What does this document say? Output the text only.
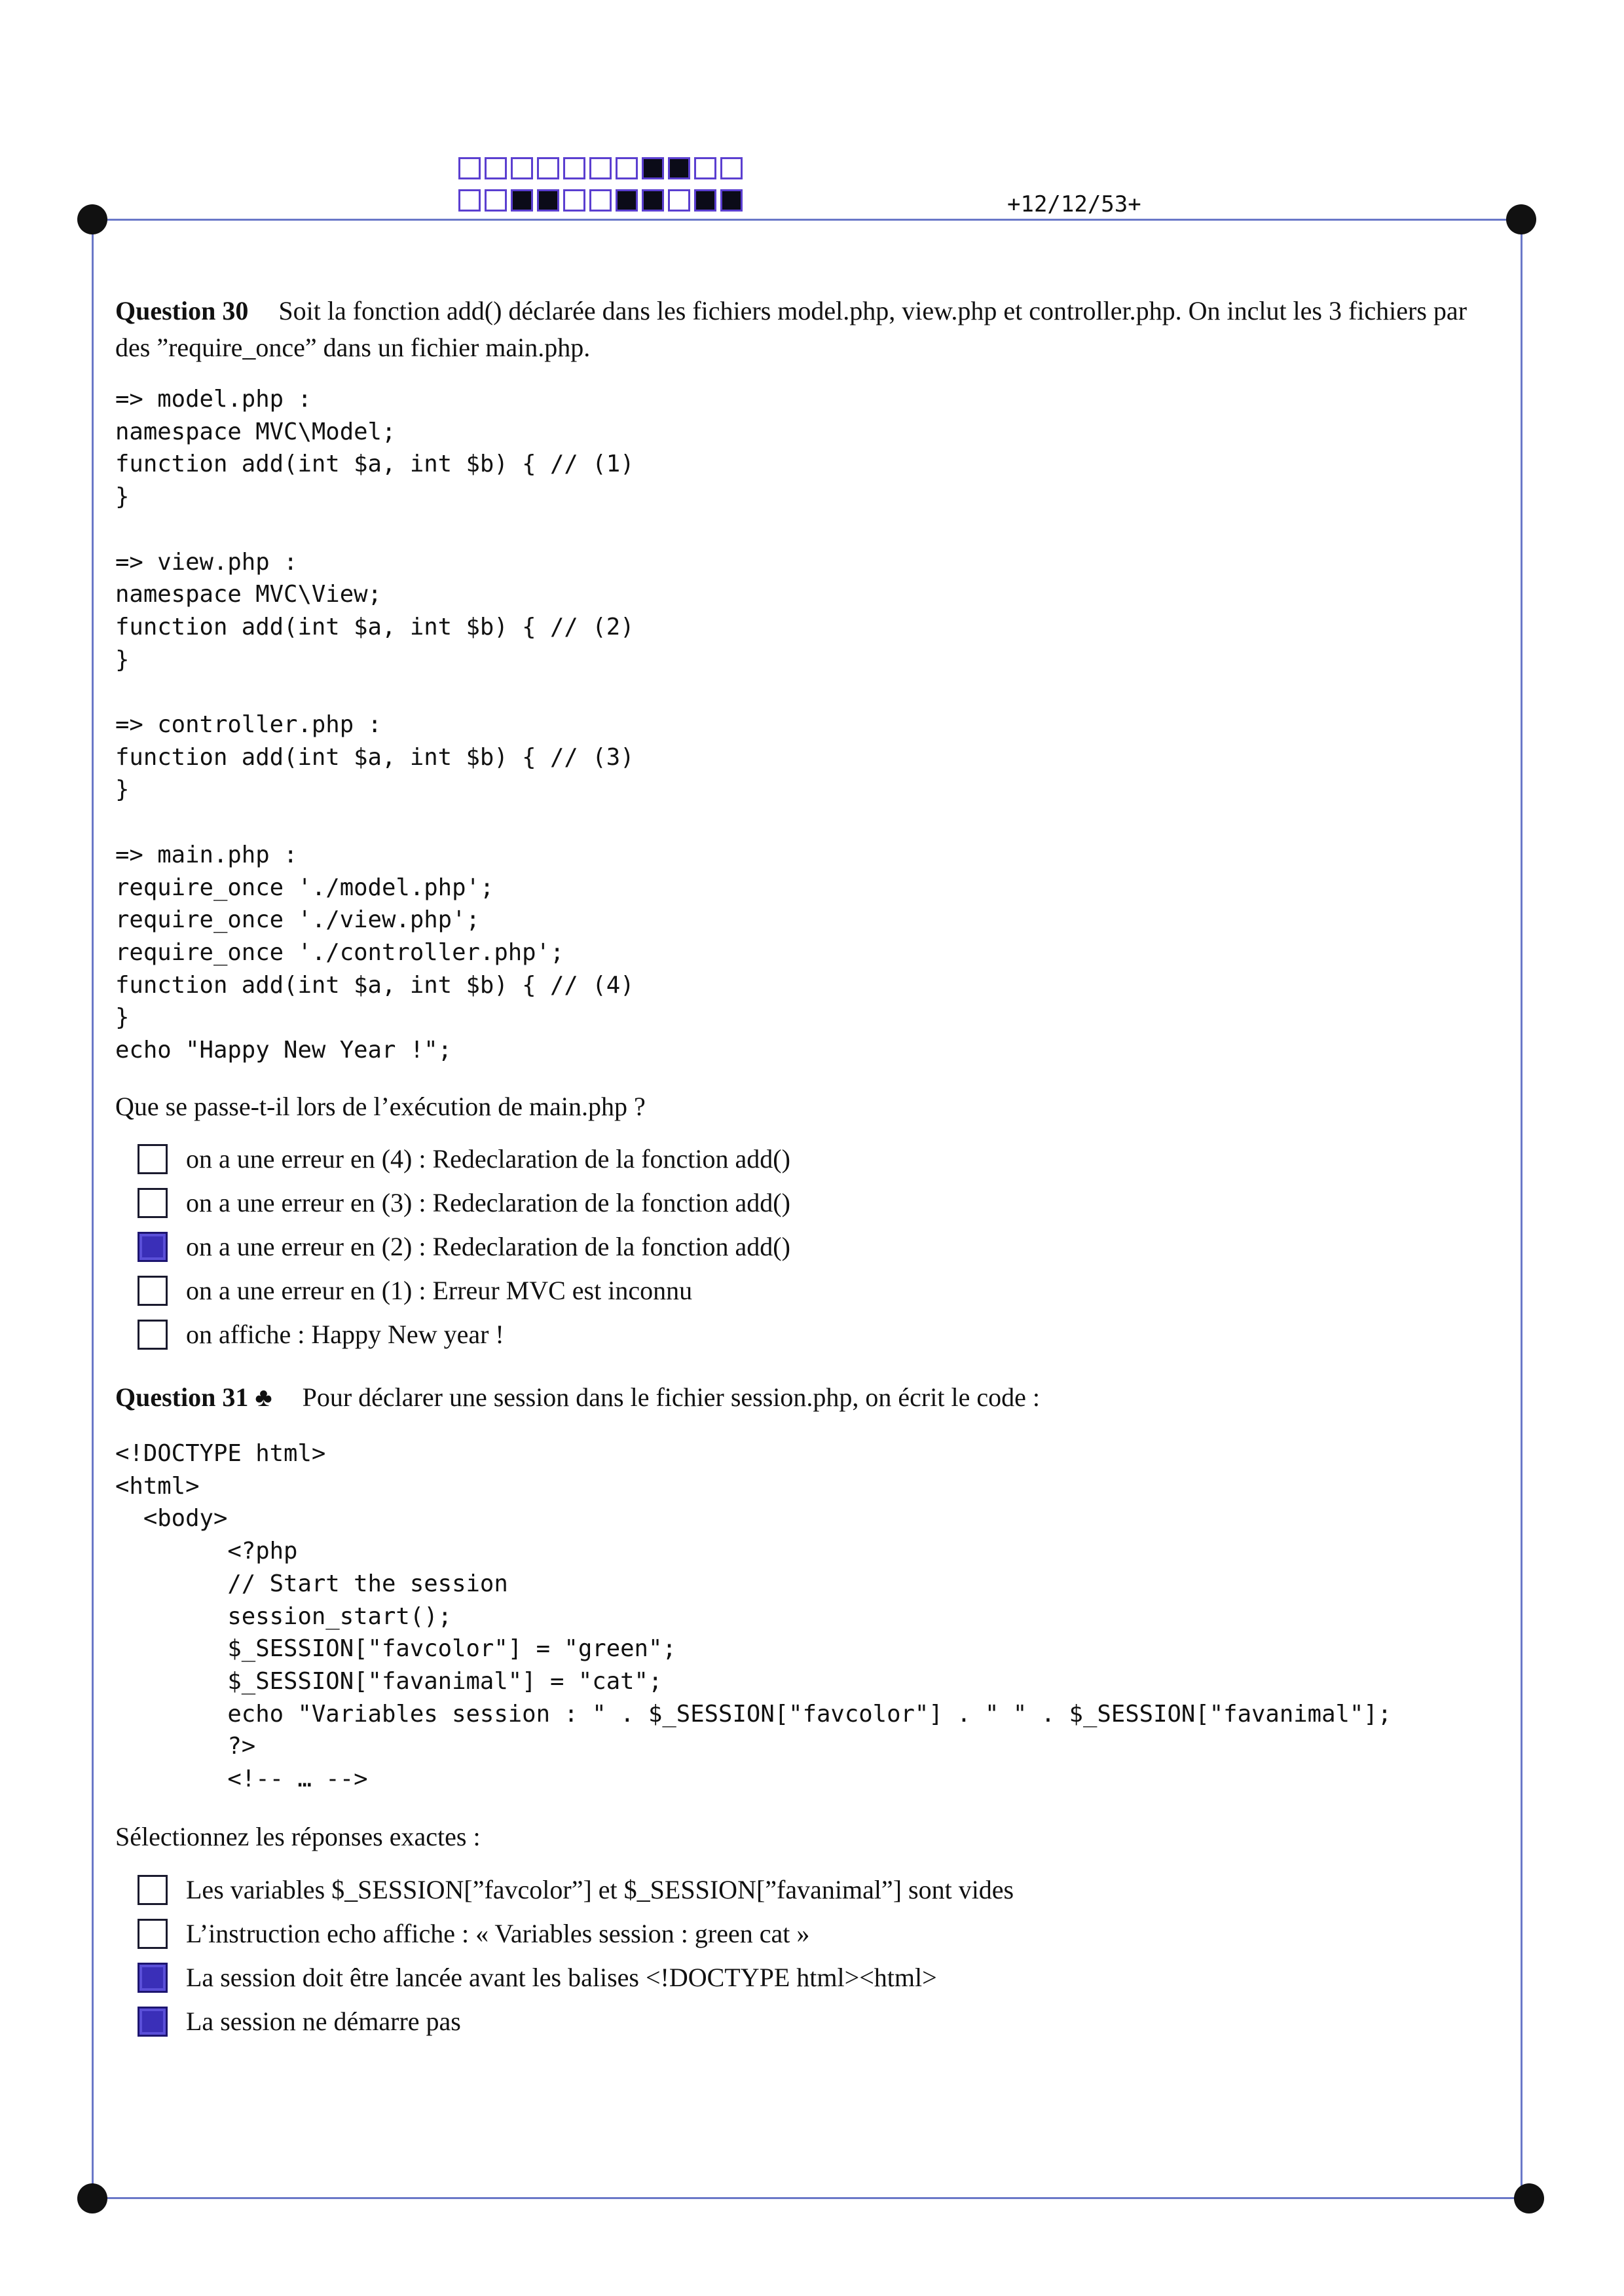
+12/12/53+
Question 30 Soit la fonction add() déclarée dans les fichiers model.php, view.php et controller.php. On inclut les 3 fichiers par des ”require_once” dans un fichier main.php.
=> model.php :
namespace MVC\Model;
function add(int $a, int $b) { // (1)
}

=> view.php :
namespace MVC\View;
function add(int $a, int $b) { // (2)
}

=> controller.php :
function add(int $a, int $b) { // (3)
}

=> main.php :
require_once './model.php';
require_once './view.php';
require_once './controller.php';
function add(int $a, int $b) { // (4)
}
echo "Happy New Year !";
Que se passe-t-il lors de l’exécution de main.php ?
on a une erreur en (4) : Redeclaration de la fonction add()
on a une erreur en (3) : Redeclaration de la fonction add()
on a une erreur en (2) : Redeclaration de la fonction add()
on a une erreur en (1) : Erreur MVC est inconnu
on affiche : Happy New year !
Question 31 ♣ Pour déclarer une session dans le fichier session.php, on écrit le code :
<!DOCTYPE html>
<html>
<body>
<?php
// Start the session
session_start();
$_SESSION["favcolor"] = "green";
$_SESSION["favanimal"] = "cat";
echo "Variables session : " . $_SESSION["favcolor"] . " " . $_SESSION["favanimal"];
?>
<!-- … -->
Sélectionnez les réponses exactes :
Les variables $_SESSION[”favcolor”] et $_SESSION[”favanimal”] sont vides
L’instruction echo affiche : « Variables session : green cat »
La session doit être lancée avant les balises <!DOCTYPE html><html>
La session ne démarre pas
